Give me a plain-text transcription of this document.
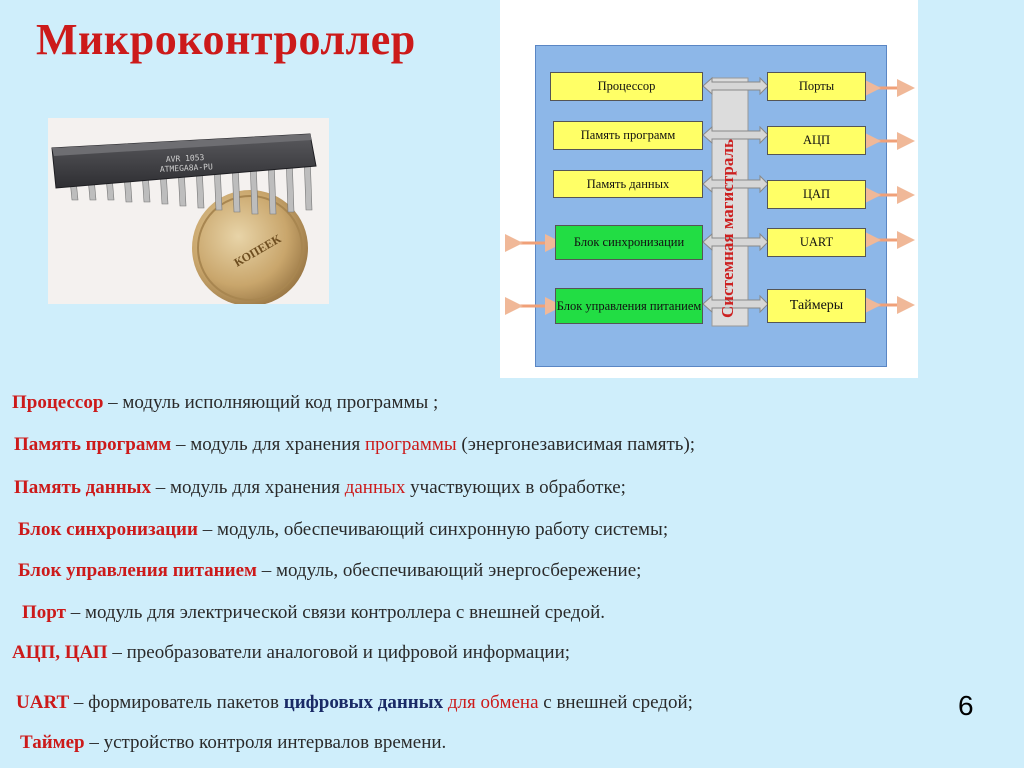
Микроконтроллер
КОПЕЕК
AVR 1053
ATMEGA8A-PU
Процессор
Память программ
Память данных
Блок синхронизации
Блок управления питанием
Порты
АЦП
ЦАП
UART
Таймеры
Системная магистраль
Процессор – модуль исполняющий код программы ;
Память программ – модуль для хранения программы (энергонезависимая память);
Память данных – модуль для хранения данных участвующих в обработке;
Блок синхронизации – модуль, обеспечивающий синхронную работу системы;
Блок управления питанием – модуль, обеспечивающий энергосбережение;
Порт – модуль для электрической связи контроллера с внешней средой.
АЦП, ЦАП – преобразователи аналоговой и цифровой информации;
UART – формирователь пакетов цифровых данных для обмена с внешней средой;
Таймер – устройство контроля интервалов времени.
6
